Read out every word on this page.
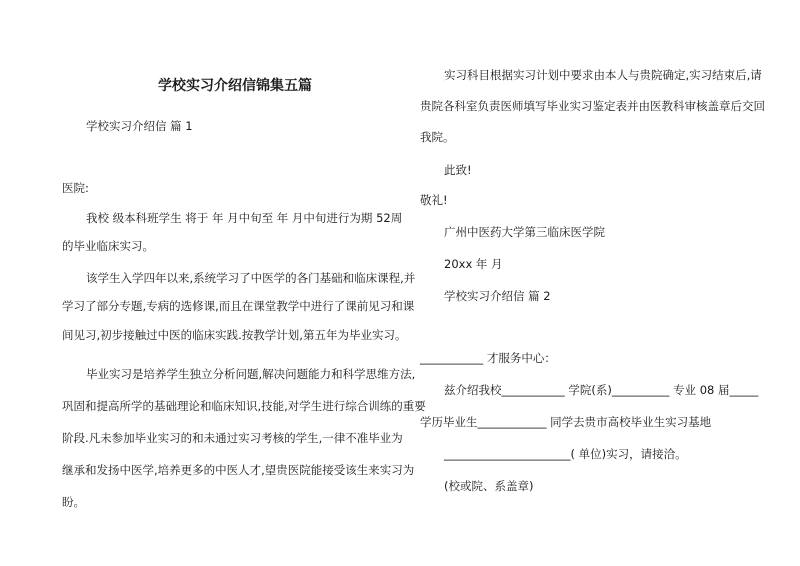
学校实习介绍信锦集五篇
学校实习介绍信 篇 1
医院:
我校 级本科班学生 将于 年 月中旬至 年 月中旬进行为期 52周
的毕业临床实习。
该学生入学四年以来,系统学习了中医学的各门基础和临床课程,并
学习了部分专题,专病的选修课,而且在课堂教学中进行了课前见习和课
间见习,初步接触过中医的临床实践.按教学计划,第五年为毕业实习。
毕业实习是培养学生独立分析问题,解决问题能力和科学思维方法,
巩固和提高所学的基础理论和临床知识,技能,对学生进行综合训练的重要
阶段.凡未参加毕业实习的和未通过实习考核的学生,一律不准毕业为
继承和发扬中医学,培养更多的中医人才,望贵医院能接受该生来实习为
盼。
实习科目根据实习计划中要求由本人与贵院确定,实习结束后,请
贵院各科室负责医师填写毕业实习鉴定表并由医教科审核盖章后交回
我院。
此致!
敬礼!
广州中医药大学第三临床医学院
20xx 年 月
学校实习介绍信 篇 2
___________ 才服务中心：
兹介绍我校___________ 学院(系)__________ 专业 08 届_____
学历毕业生____________ 同学去贵市高校毕业生实习基地
______________________( 单位)实习，请接洽。
(校或院、系盖章)
